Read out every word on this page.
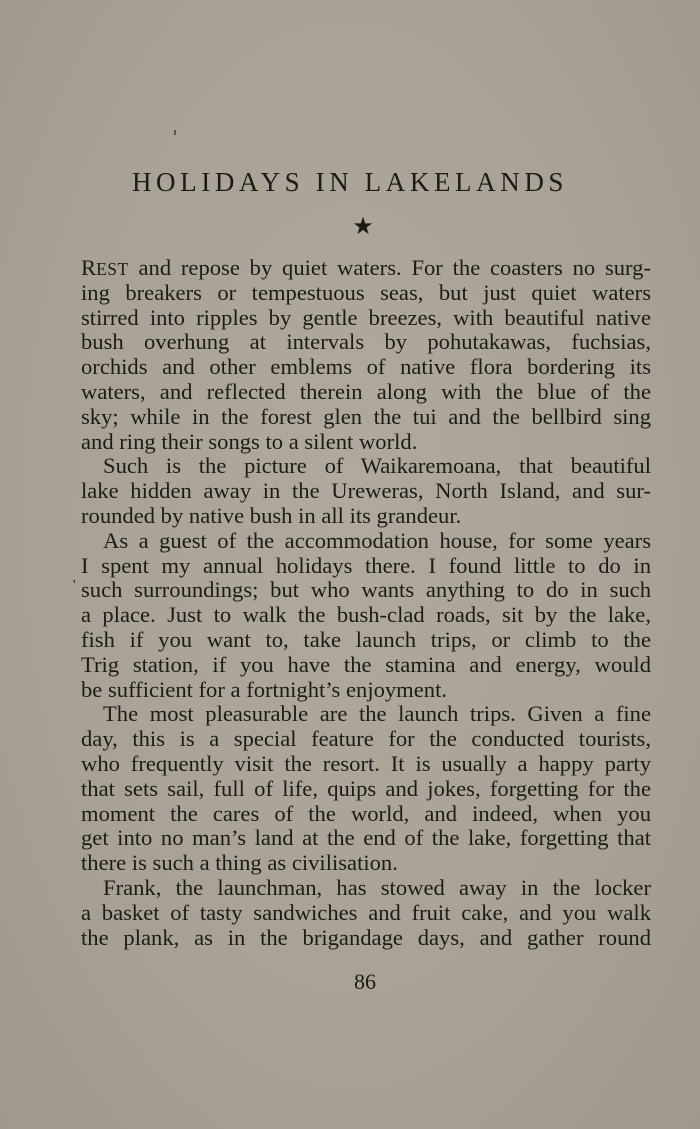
HOLIDAYS IN LAKELANDS
★
REST and repose by quiet waters. For the coasters no surg-
ing breakers or tempestuous seas, but just quiet waters
stirred into ripples by gentle breezes, with beautiful native
bush overhung at intervals by pohutakawas, fuchsias,
orchids and other emblems of native flora bordering its
waters, and reflected therein along with the blue of the
sky; while in the forest glen the tui and the bellbird sing
and ring their songs to a silent world.
Such is the picture of Waikaremoana, that beautiful
lake hidden away in the Ureweras, North Island, and sur-
rounded by native bush in all its grandeur.
As a guest of the accommodation house, for some years
I spent my annual holidays there. I found little to do in
' such surroundings; but who wants anything to do in such
a place. Just to walk the bush-clad roads, sit by the lake,
fish if you want to, take launch trips, or climb to the
Trig station, if you have the stamina and energy, would
be sufficient for a fortnight’s enjoyment.
The most pleasurable are the launch trips. Given a fine
day, this is a special feature for the conducted tourists,
who frequently visit the resort. It is usually a happy party
that sets sail, full of life, quips and jokes, forgetting for the
moment the cares of the world, and indeed, when you
get into no man’s land at the end of the lake, forgetting that
there is such a thing as civilisation.
Frank, the launchman, has stowed away in the locker
a basket of tasty sandwiches and fruit cake, and you walk
the plank, as in the brigandage days, and gather round
86
